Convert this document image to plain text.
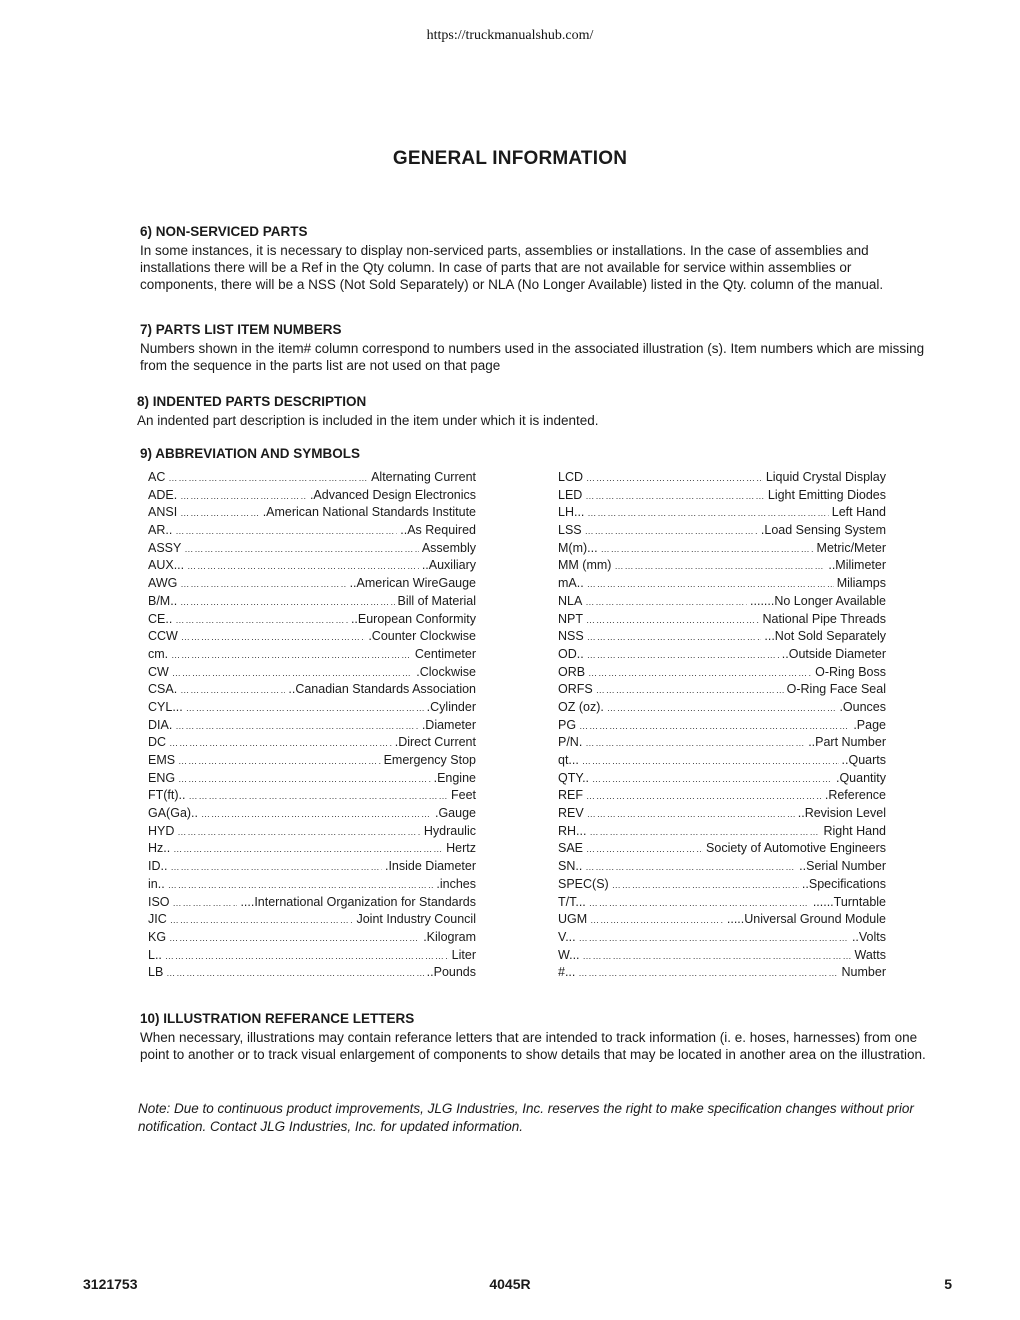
https://truckmanualshub.com/
GENERAL INFORMATION
6) NON-SERVICED PARTS

In some instances, it is necessary to display non-serviced parts, assemblies or installations. In the case of assemblies and installations there will be a Ref in the Qty column. In case of parts that are not available for service within assemblies or components, there will be a NSS (Not Sold Separately) or NLA (No Longer Available) listed in the Qty. column of the manual.

7) PARTS LIST ITEM NUMBERS

Numbers shown in the item# column correspond to numbers used in the associated illustration (s). Item numbers which are missing from the sequence in the parts list are not used on that page

8) INDENTED PARTS DESCRIPTION

An indented part description is included in the item under which it is indented.

9) ABBREVIATION AND SYMBOLS
AC ……………………………………………………………………………………………………………………………………………………………………	Alternating Current
ADE. ……………………………………………………………………………………………………………………………………………………………………	.Advanced Design Electronics
ANSI ……………………………………………………………………………………………………………………………………………………………………	.American National Standards Institute
AR.. ……………………………………………………………………………………………………………………………………………………………………	..As Required
ASSY ……………………………………………………………………………………………………………………………………………………………………	Assembly
AUX... ……………………………………………………………………………………………………………………………………………………………………	..Auxiliary
AWG ……………………………………………………………………………………………………………………………………………………………………	..American WireGauge
B/M.. ……………………………………………………………………………………………………………………………………………………………………	Bill of Material
CE.. ……………………………………………………………………………………………………………………………………………………………………	..European Conformity
CCW ……………………………………………………………………………………………………………………………………………………………………	.Counter Clockwise
cm. ……………………………………………………………………………………………………………………………………………………………………	Centimeter
CW ……………………………………………………………………………………………………………………………………………………………………	.Clockwise
CSA. ……………………………………………………………………………………………………………………………………………………………………	..Canadian Standards Association
CYL... ……………………………………………………………………………………………………………………………………………………………………	.Cylinder
DIA. ……………………………………………………………………………………………………………………………………………………………………	.Diameter
DC ……………………………………………………………………………………………………………………………………………………………………	.Direct Current
EMS ……………………………………………………………………………………………………………………………………………………………………	Emergency Stop
ENG ……………………………………………………………………………………………………………………………………………………………………	.Engine
FT(ft).. ……………………………………………………………………………………………………………………………………………………………………	Feet
GA(Ga).. ……………………………………………………………………………………………………………………………………………………………………	.Gauge
HYD ……………………………………………………………………………………………………………………………………………………………………	Hydraulic
Hz.. ……………………………………………………………………………………………………………………………………………………………………	Hertz
ID.. ……………………………………………………………………………………………………………………………………………………………………	.Inside Diameter
in.. ……………………………………………………………………………………………………………………………………………………………………	.inches
ISO ……………………………………………………………………………………………………………………………………………………………………	....International Organization for Standards
JIC ……………………………………………………………………………………………………………………………………………………………………	Joint Industry Council
KG ……………………………………………………………………………………………………………………………………………………………………	.Kilogram
L.. ……………………………………………………………………………………………………………………………………………………………………	Liter
LB ……………………………………………………………………………………………………………………………………………………………………	..Pounds
LCD ……………………………………………………………………………………………………………………………………………………………………	Liquid Crystal Display
LED ……………………………………………………………………………………………………………………………………………………………………	Light Emitting Diodes
LH... ……………………………………………………………………………………………………………………………………………………………………	Left Hand
LSS ……………………………………………………………………………………………………………………………………………………………………	.Load Sensing System
M(m)... ……………………………………………………………………………………………………………………………………………………………………	Metric/Meter
MM (mm) ……………………………………………………………………………………………………………………………………………………………………	..Milimeter
mA.. ……………………………………………………………………………………………………………………………………………………………………	Miliamps
NLA ……………………………………………………………………………………………………………………………………………………………………	.......No Longer Available
NPT ……………………………………………………………………………………………………………………………………………………………………	National Pipe Threads
NSS ……………………………………………………………………………………………………………………………………………………………………	...Not Sold Separately
OD.. ……………………………………………………………………………………………………………………………………………………………………	..Outside Diameter
ORB ……………………………………………………………………………………………………………………………………………………………………	O-Ring Boss
ORFS ……………………………………………………………………………………………………………………………………………………………………	O-Ring Face Seal
OZ (oz). ……………………………………………………………………………………………………………………………………………………………………	.Ounces
PG ……………………………………………………………………………………………………………………………………………………………………	.Page
P/N. ……………………………………………………………………………………………………………………………………………………………………	..Part Number
qt... ……………………………………………………………………………………………………………………………………………………………………	..Quarts
QTY.. ……………………………………………………………………………………………………………………………………………………………………	.Quantity
REF ……………………………………………………………………………………………………………………………………………………………………	.Reference
REV ……………………………………………………………………………………………………………………………………………………………………	..Revision Level
RH... ……………………………………………………………………………………………………………………………………………………………………	Right Hand
SAE ……………………………………………………………………………………………………………………………………………………………………	Society of Automotive Engineers
SN.. ……………………………………………………………………………………………………………………………………………………………………	..Serial Number
SPEC(S) ……………………………………………………………………………………………………………………………………………………………………	..Specifications
T/T... ……………………………………………………………………………………………………………………………………………………………………	......Turntable
UGM ……………………………………………………………………………………………………………………………………………………………………	.....Universal Ground Module
V... ……………………………………………………………………………………………………………………………………………………………………	..Volts
W... ……………………………………………………………………………………………………………………………………………………………………	Watts
#... ……………………………………………………………………………………………………………………………………………………………………	Number
10) ILLUSTRATION REFERANCE LETTERS

When necessary, illustrations may contain referance letters that are intended to track information (i. e. hoses, harnesses) from one point to another or to track visual enlargement of components to show details that may be located in another area on the illustration.

Note: Due to continuous product improvements, JLG Industries, Inc. reserves the right to make specification changes without prior notification. Contact JLG Industries, Inc. for updated information.
3121753	4045R	5
